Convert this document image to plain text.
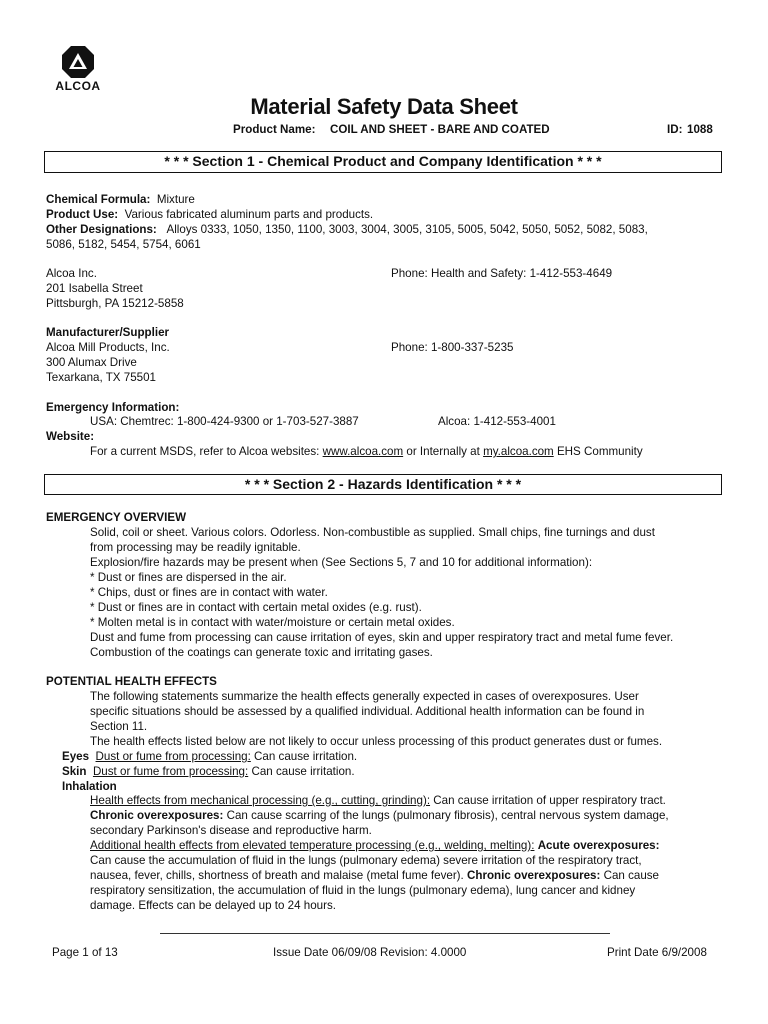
ALCOA
Material Safety Data Sheet
Product Name: COIL AND SHEET - BARE AND COATED	ID: 1088
* * * Section 1 - Chemical Product and Company Identification * * *
Chemical Formula: Mixture
Product Use: Various fabricated aluminum parts and products.
Other Designations: Alloys 0333, 1050, 1350, 1100, 3003, 3004, 3005, 3105, 5005, 5042, 5050, 5052, 5082, 5083,
5086, 5182, 5454, 5754, 6061
Alcoa Inc.
201 Isabella Street
Pittsburgh, PA 15212-5858
Phone: Health and Safety: 1-412-553-4649
Manufacturer/Supplier
Alcoa Mill Products, Inc.
300 Alumax Drive
Texarkana, TX 75501
Phone: 1-800-337-5235
Emergency Information:
USA: Chemtrec: 1-800-424-9300 or 1-703-527-3887	Alcoa: 1-412-553-4001
Website:
For a current MSDS, refer to Alcoa websites: www.alcoa.com or Internally at my.alcoa.com EHS Community
* * * Section 2 - Hazards Identification * * *
EMERGENCY OVERVIEW
Solid, coil or sheet. Various colors. Odorless. Non-combustible as supplied. Small chips, fine turnings and dust
from processing may be readily ignitable.
Explosion/fire hazards may be present when (See Sections 5, 7 and 10 for additional information):
* Dust or fines are dispersed in the air.
* Chips, dust or fines are in contact with water.
* Dust or fines are in contact with certain metal oxides (e.g. rust).
* Molten metal is in contact with water/moisture or certain metal oxides.
Dust and fume from processing can cause irritation of eyes, skin and upper respiratory tract and metal fume fever.
Combustion of the coatings can generate toxic and irritating gases.
POTENTIAL HEALTH EFFECTS
The following statements summarize the health effects generally expected in cases of overexposures. User
specific situations should be assessed by a qualified individual. Additional health information can be found in
Section 11.
The health effects listed below are not likely to occur unless processing of this product generates dust or fumes.
Eyes Dust or fume from processing: Can cause irritation.
Skin Dust or fume from processing: Can cause irritation.
Inhalation
Health effects from mechanical processing (e.g., cutting, grinding): Can cause irritation of upper respiratory tract.
Chronic overexposures: Can cause scarring of the lungs (pulmonary fibrosis), central nervous system damage,
secondary Parkinson's disease and reproductive harm.
Additional health effects from elevated temperature processing (e.g., welding, melting): Acute overexposures:
Can cause the accumulation of fluid in the lungs (pulmonary edema) severe irritation of the respiratory tract,
nausea, fever, chills, shortness of breath and malaise (metal fume fever). Chronic overexposures: Can cause
respiratory sensitization, the accumulation of fluid in the lungs (pulmonary edema), lung cancer and kidney
damage. Effects can be delayed up to 24 hours.
Page 1 of 13	Issue Date 06/09/08 Revision: 4.0000	Print Date 6/9/2008
